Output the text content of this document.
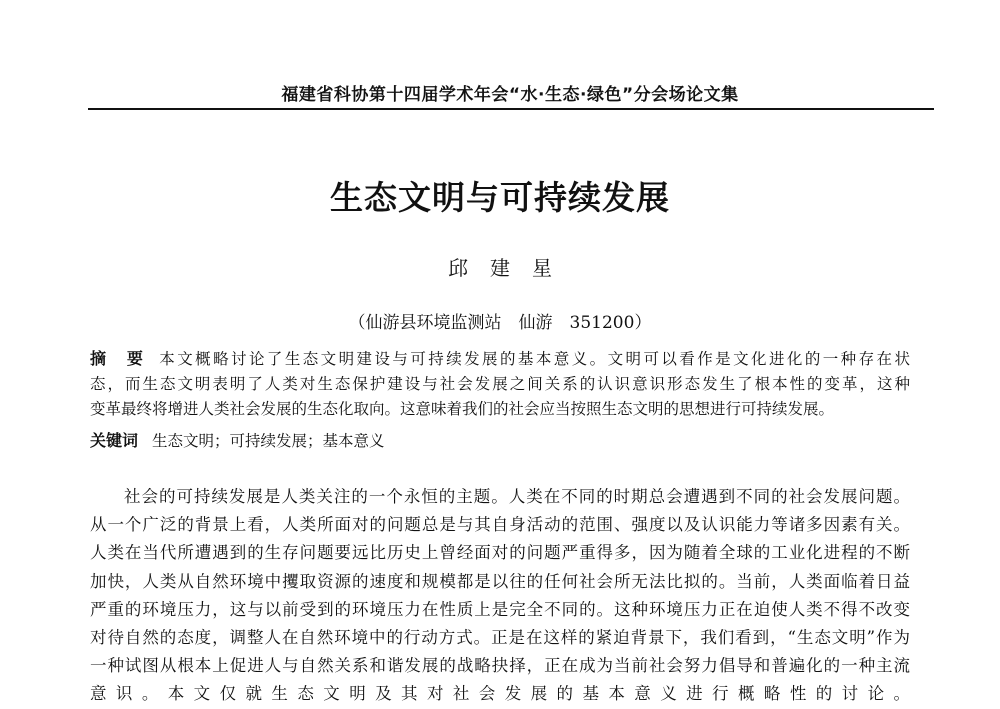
福建省科协第十四届学术年会“水·生态·绿色”分会场论文集
生态文明与可持续发展
邱建星
（仙游县环境监测站　仙游　351200）
摘　要 本文概略讨论了生态文明建设与可持续发展的基本意义。文明可以看作是文化进化的一种存在状
态，而生态文明表明了人类对生态保护建设与社会发展之间关系的认识意识形态发生了根本性的变革，这种
变革最终将增进人类社会发展的生态化取向。这意味着我们的社会应当按照生态文明的思想进行可持续发展。
关键词 生态文明；可持续发展；基本意义
社会的可持续发展是人类关注的一个永恒的主题。人类在不同的时期总会遭遇到不同的社会发展问题。
从一个广泛的背景上看，人类所面对的问题总是与其自身活动的范围、强度以及认识能力等诸多因素有关。
人类在当代所遭遇到的生存问题要远比历史上曾经面对的问题严重得多，因为随着全球的工业化进程的不断
加快，人类从自然环境中攫取资源的速度和规模都是以往的任何社会所无法比拟的。当前，人类面临着日益
严重的环境压力，这与以前受到的环境压力在性质上是完全不同的。这种环境压力正在迫使人类不得不改变
对待自然的态度，调整人在自然环境中的行动方式。正是在这样的紧迫背景下，我们看到，“生态文明”作为
一种试图从根本上促进人与自然关系和谐发展的战略抉择，正在成为当前社会努力倡导和普遍化的一种主流
意识。本文仅就生态文明及其对社会发展的基本意义进行概略性的讨论。
